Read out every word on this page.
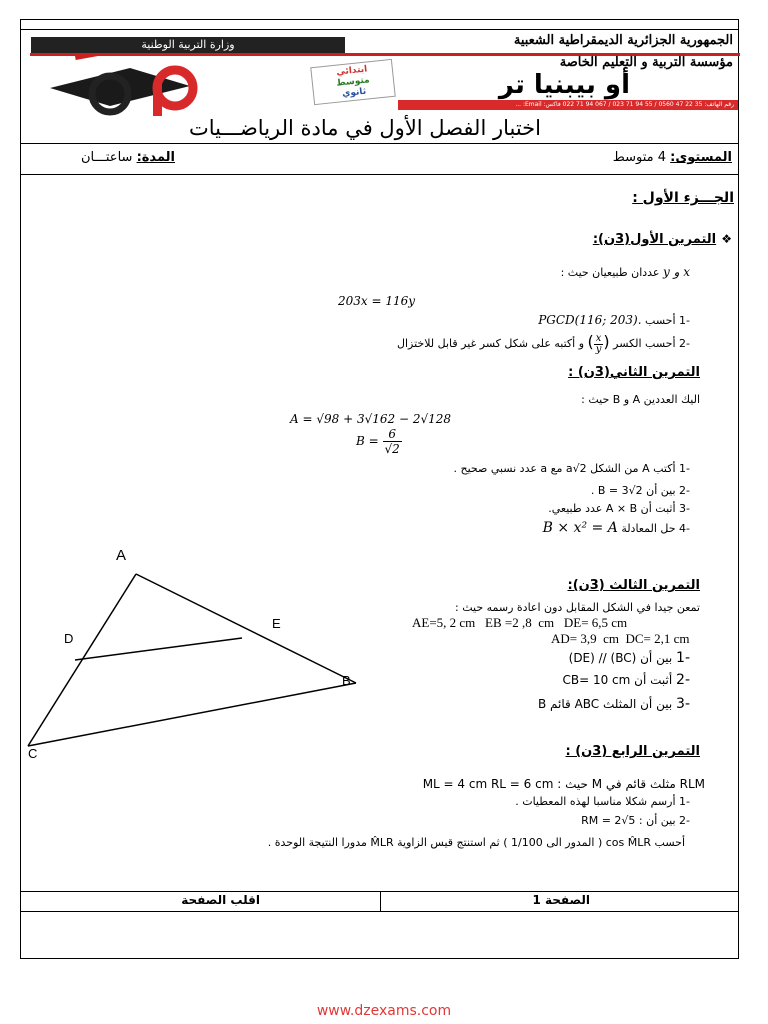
وزارة التربية الوطنية	الجمهورية الجزائرية الديمقراطية الشعبية
مؤسسة التربية و التعليم الخاصة
ابتدائي
متوسط
ثانوي	أو بيبنيا تر
رقم الهاتف: 35 22 47 0560 / 55 94 71 023 / 067 94 71 022 فاكس: Email: ...
اختبار الفصل الأول في مادة الرياضـــيات
المستوى: 4 متوسط
المدة: ساعتـــان
الجـــزء الأول :
❖ التمرين الأول(3ن):
x و y عددان طبيعيان حيث :
203x = 116y
-1 أحسب PGCD(116; 203).
-2 أحسب الكسر (
$\frac{x}{y}$
) و أكتبه على شكل كسر غير قابل للاختزال
التمرين الثاني(3ن) :
اليك العددين A و B حيث :
A = √98 + 3√162 − 2√128
$B = \frac{6}{√2}$
-1 أكتب A من الشكل a√2 مع a عدد نسبي صحيح .
-2 بين أن B = 3√2 .
-3 أثبت أن A × B عدد طبيعي.
-4 حل المعادلة B × x² = A
A
B
C
D
E
التمرين الثالث (3ن):
تمعن جيدا في الشكل المقابل دون اعادة رسمه حيث :
AE=5, 2 cm   EB =2 ,8  cm   DE= 6,5 cm
AD= 3,9  cm  DC= 2,1 cm
-1 بين أن (BC) // (DE)
-2 أثبت أن CB= 10 cm
-3 بين أن المثلث ABC قائم B
التمرين الرابع (3ن) :
RLM مثلث قائم في M حيث : ML = 4 cm RL = 6 cm
-1 أرسم شكلا مناسبا لهذه المعطيات .
-2 بين أن : RM = 2√5
أحسب cos M̂LR ( المدور الى 1/100 ) ثم استنتج قيس الزاوية M̂LR مدورا النتيجة الوحدة .
الصفحة 1
اقلب الصفحة
www.dzexams.com
